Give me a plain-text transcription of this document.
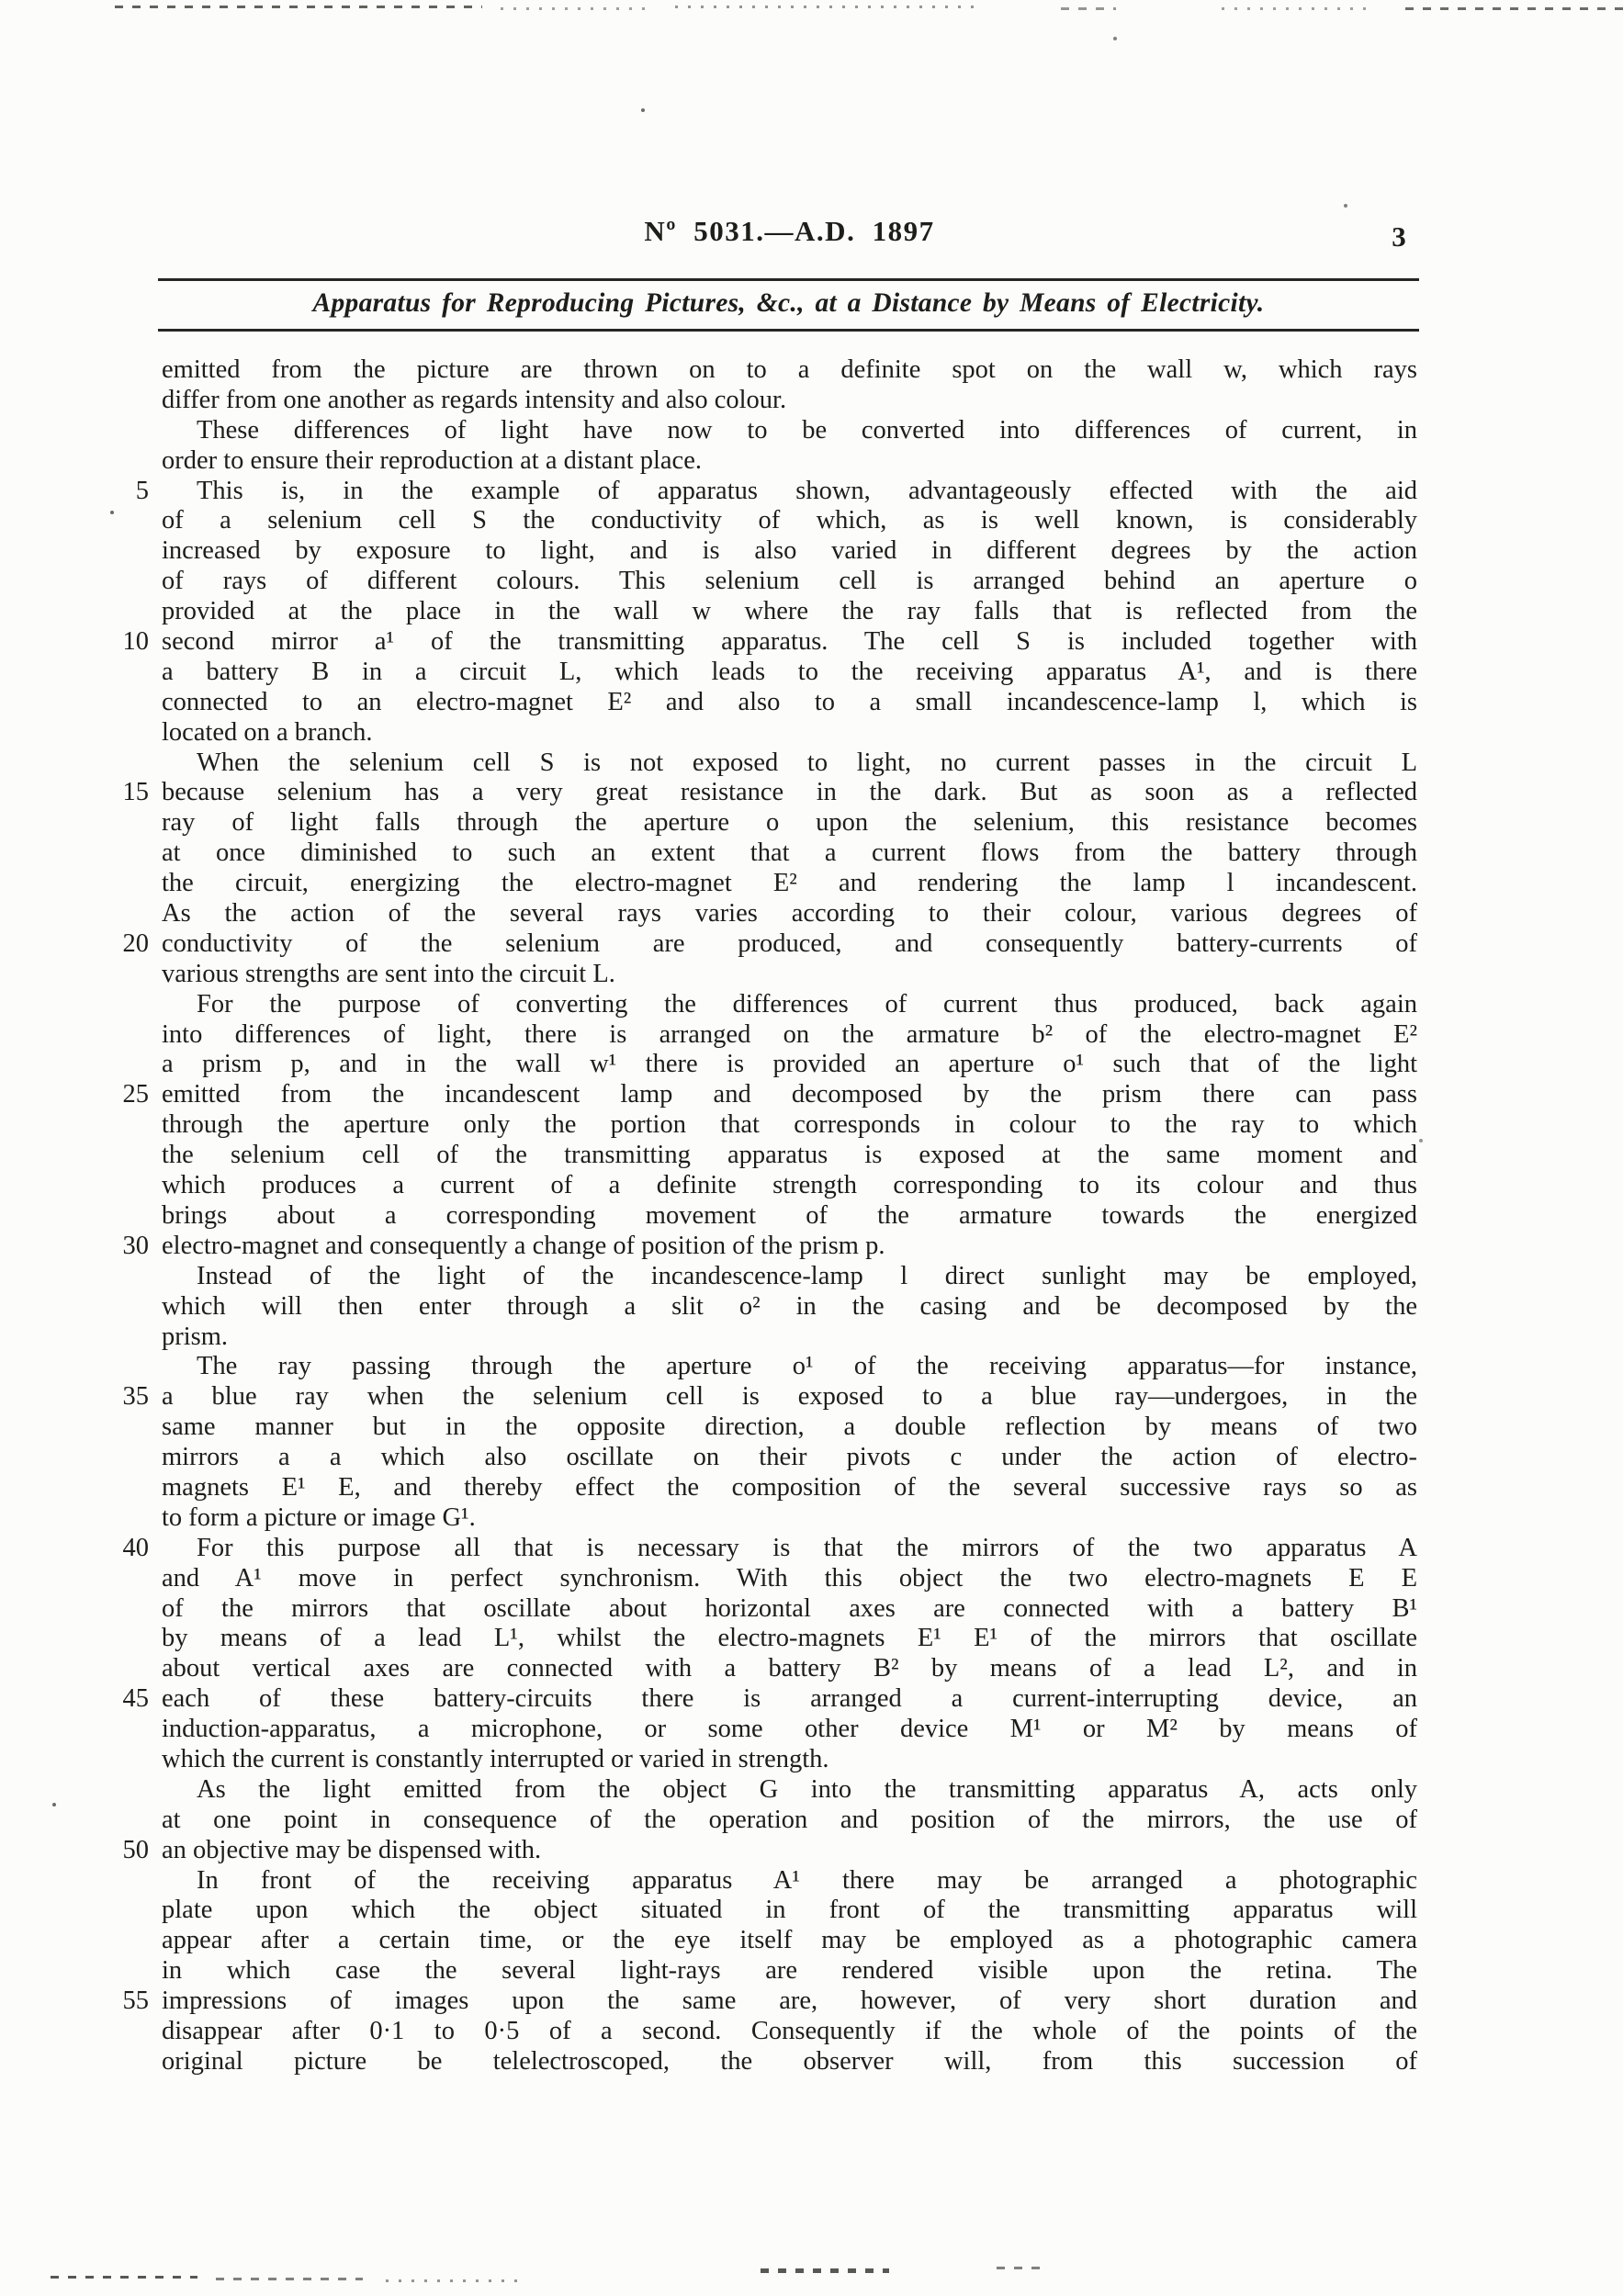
Nº 5031.—A.D. 1897	3
Apparatus for Reproducing Pictures, &c., at a Distance by Means of Electricity.
emitted from the picture are thrown on to a definite spot on the wall w, which rays
differ from one another as regards intensity and also colour.
These differences of light have now to be converted into differences of current, in
order to ensure their reproduction at a distant place.
5	This is, in the example of apparatus shown, advantageously effected with the aid
of a selenium cell S the conductivity of which, as is well known, is considerably
increased by exposure to light, and is also varied in different degrees by the action
of rays of different colours. This selenium cell is arranged behind an aperture o
provided at the place in the wall w where the ray falls that is reflected from the
10 second mirror a¹ of the transmitting apparatus. The cell S is included together with
a battery B in a circuit L, which leads to the receiving apparatus A¹, and is there
connected to an electro-magnet E² and also to a small incandescence-lamp l, which is
located on a branch.
When the selenium cell S is not exposed to light, no current passes in the circuit L
15 because selenium has a very great resistance in the dark. But as soon as a reflected
ray of light falls through the aperture o upon the selenium, this resistance becomes
at once diminished to such an extent that a current flows from the battery through
the circuit, energizing the electro-magnet E² and rendering the lamp l incandescent.
As the action of the several rays varies according to their colour, various degrees of
20 conductivity of the selenium are produced, and consequently battery-currents of
various strengths are sent into the circuit L.
For the purpose of converting the differences of current thus produced, back again
into differences of light, there is arranged on the armature b² of the electro-magnet E²
a prism p, and in the wall w¹ there is provided an aperture o¹ such that of the light
25 emitted from the incandescent lamp and decomposed by the prism there can pass
through the aperture only the portion that corresponds in colour to the ray to which
the selenium cell of the transmitting apparatus is exposed at the same moment and
which produces a current of a definite strength corresponding to its colour and thus
brings about a corresponding movement of the armature towards the energized
30 electro-magnet and consequently a change of position of the prism p.
Instead of the light of the incandescence-lamp l direct sunlight may be employed,
which will then enter through a slit o² in the casing and be decomposed by the
prism.
The ray passing through the aperture o¹ of the receiving apparatus—for instance,
35 a blue ray when the selenium cell is exposed to a blue ray—undergoes, in the
same manner but in the opposite direction, a double reflection by means of two
mirrors a a which also oscillate on their pivots c under the action of electro-
magnets E¹ E, and thereby effect the composition of the several successive rays so as
to form a picture or image G¹.
40	For this purpose all that is necessary is that the mirrors of the two apparatus A
and A¹ move in perfect synchronism. With this object the two electro-magnets E E
of the mirrors that oscillate about horizontal axes are connected with a battery B¹
by means of a lead L¹, whilst the electro-magnets E¹ E¹ of the mirrors that oscillate
about vertical axes are connected with a battery B² by means of a lead L², and in
45 each of these battery-circuits there is arranged a current-interrupting device, an
induction-apparatus, a microphone, or some other device M¹ or M² by means of
which the current is constantly interrupted or varied in strength.
As the light emitted from the object G into the transmitting apparatus A, acts only
at one point in consequence of the operation and position of the mirrors, the use of
50 an objective may be dispensed with.
In front of the receiving apparatus A¹ there may be arranged a photographic
plate upon which the object situated in front of the transmitting apparatus will
appear after a certain time, or the eye itself may be employed as a photographic camera
in which case the several light-rays are rendered visible upon the retina. The
55 impressions of images upon the same are, however, of very short duration and
disappear after 0·1 to 0·5 of a second. Consequently if the whole of the points of the
original picture be telelectroscoped, the observer will, from this succession of
